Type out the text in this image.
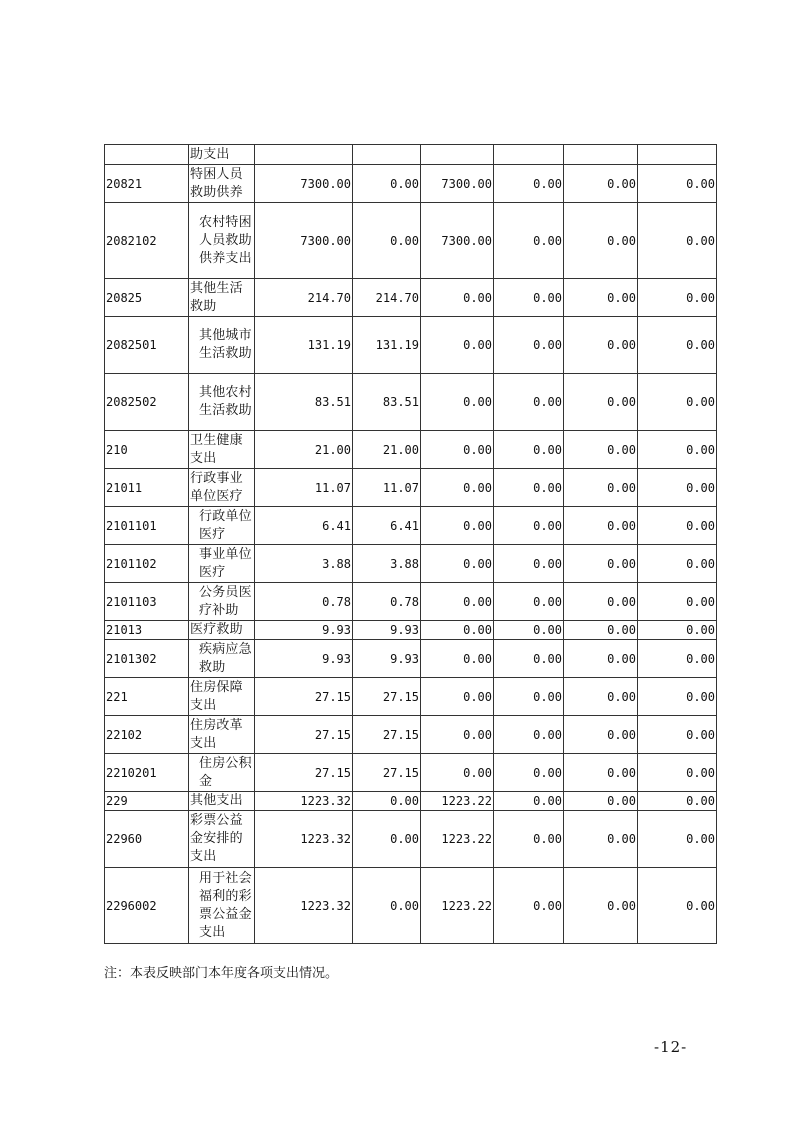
	助支出						
20821	特困人员救助供养	7300.00	0.00	7300.00	0.00	0.00	0.00
2082102	农村特困人员救助供养支出	7300.00	0.00	7300.00	0.00	0.00	0.00
20825	其他生活救助	214.70	214.70	0.00	0.00	0.00	0.00
2082501	其他城市生活救助	131.19	131.19	0.00	0.00	0.00	0.00
2082502	其他农村生活救助	83.51	83.51	0.00	0.00	0.00	0.00
210	卫生健康支出	21.00	21.00	0.00	0.00	0.00	0.00
21011	行政事业单位医疗	11.07	11.07	0.00	0.00	0.00	0.00
2101101	行政单位医疗	6.41	6.41	0.00	0.00	0.00	0.00
2101102	事业单位医疗	3.88	3.88	0.00	0.00	0.00	0.00
2101103	公务员医疗补助	0.78	0.78	0.00	0.00	0.00	0.00
21013	医疗救助	9.93	9.93	0.00	0.00	0.00	0.00
2101302	疾病应急救助	9.93	9.93	0.00	0.00	0.00	0.00
221	住房保障支出	27.15	27.15	0.00	0.00	0.00	0.00
22102	住房改革支出	27.15	27.15	0.00	0.00	0.00	0.00
2210201	住房公积金	27.15	27.15	0.00	0.00	0.00	0.00
229	其他支出	1223.32	0.00	1223.22	0.00	0.00	0.00
22960	彩票公益金安排的支出	1223.32	0.00	1223.22	0.00	0.00	0.00
2296002	用于社会福利的彩票公益金支出	1223.32	0.00	1223.22	0.00	0.00	0.00
注：本表反映部门本年度各项支出情况。
-12-
